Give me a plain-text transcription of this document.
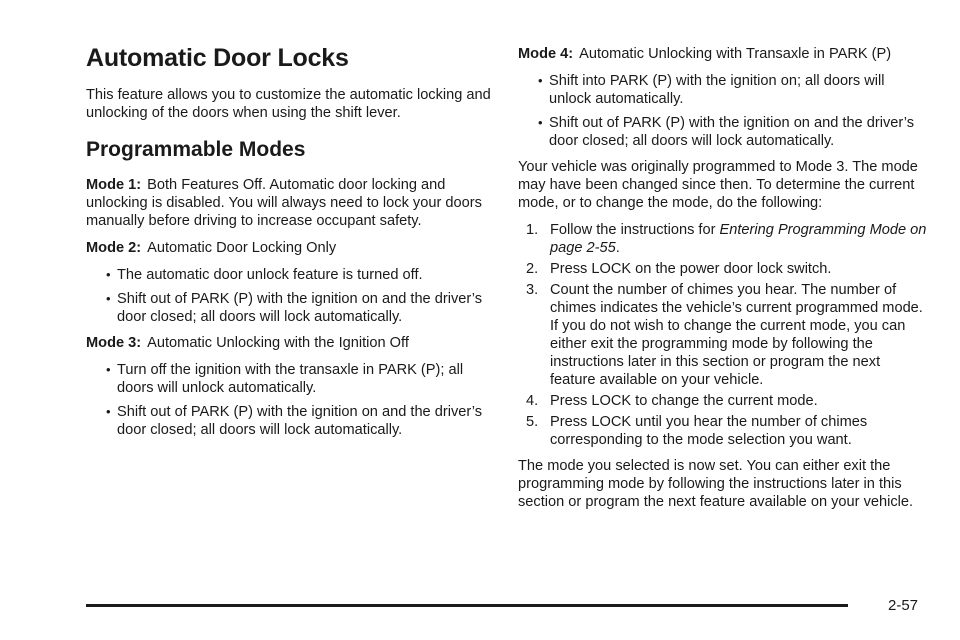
Automatic Door Locks

This feature allows you to customize the automatic locking and unlocking of the doors when using the shift lever.

Programmable Modes

Mode 1: Both Features Off. Automatic door locking and unlocking is disabled. You will always need to lock your doors manually before driving to increase occupant safety.

Mode 2: Automatic Door Locking Only

• The automatic door unlock feature is turned off.
• Shift out of PARK (P) with the ignition on and the driver’s door closed; all doors will lock automatically.

Mode 3: Automatic Unlocking with the Ignition Off

• Turn off the ignition with the transaxle in PARK (P); all doors will unlock automatically.
• Shift out of PARK (P) with the ignition on and the driver’s door closed; all doors will lock automatically.

Mode 4: Automatic Unlocking with Transaxle in PARK (P)

• Shift into PARK (P) with the ignition on; all doors will unlock automatically.
• Shift out of PARK (P) with the ignition on and the driver’s door closed; all doors will lock automatically.

Your vehicle was originally programmed to Mode 3. The mode may have been changed since then. To determine the current mode, or to change the mode, do the following:

1. Follow the instructions for Entering Programming Mode on page 2-55.
2. Press LOCK on the power door lock switch.
3. Count the number of chimes you hear. The number of chimes indicates the vehicle’s current programmed mode. If you do not wish to change the current mode, you can either exit the programming mode by following the instructions later in this section or program the next feature available on your vehicle.
4. Press LOCK to change the current mode.
5. Press LOCK until you hear the number of chimes corresponding to the mode selection you want.

The mode you selected is now set. You can either exit the programming mode by following the instructions later in this section or program the next feature available on your vehicle.

2-57
